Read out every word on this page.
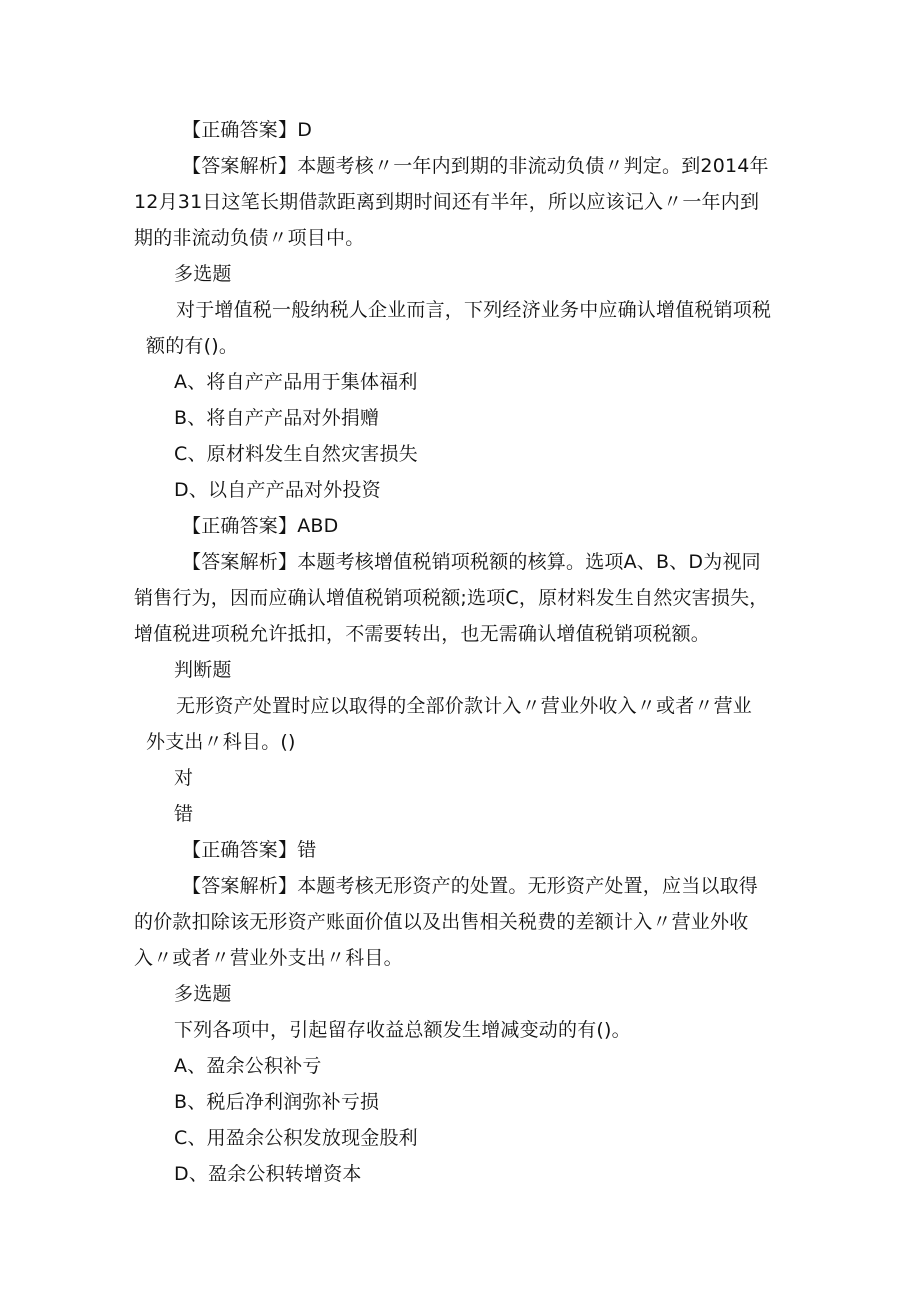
【正确答案】D
【答案解析】本题考核〃一年内到期的非流动负债〃判定。到2014年
12月31日这笔长期借款距离到期时间还有半年，所以应该记入〃一年内到
期的非流动负债〃项目中。
多选题
对于增值税一般纳税人企业而言，下列经济业务中应确认增值税销项税
额的有()。
A、将自产产品用于集体福利
B、将自产产品对外捐赠
C、原材料发生自然灾害损失
D、以自产产品对外投资
【正确答案】ABD
【答案解析】本题考核增值税销项税额的核算。选项A、B、D为视同
销售行为，因而应确认增值税销项税额;选项C，原材料发生自然灾害损失，
增值税进项税允许抵扣，不需要转出，也无需确认增值税销项税额。
判断题
无形资产处置时应以取得的全部价款计入〃营业外收入〃或者〃营业
外支出〃科目。()
对
错
【正确答案】错
【答案解析】本题考核无形资产的处置。无形资产处置，应当以取得
的价款扣除该无形资产账面价值以及出售相关税费的差额计入〃营业外收
入〃或者〃营业外支出〃科目。
多选题
下列各项中，引起留存收益总额发生增减变动的有()。
A、盈余公积补亏
B、税后净利润弥补亏损
C、用盈余公积发放现金股利
D、盈余公积转增资本
